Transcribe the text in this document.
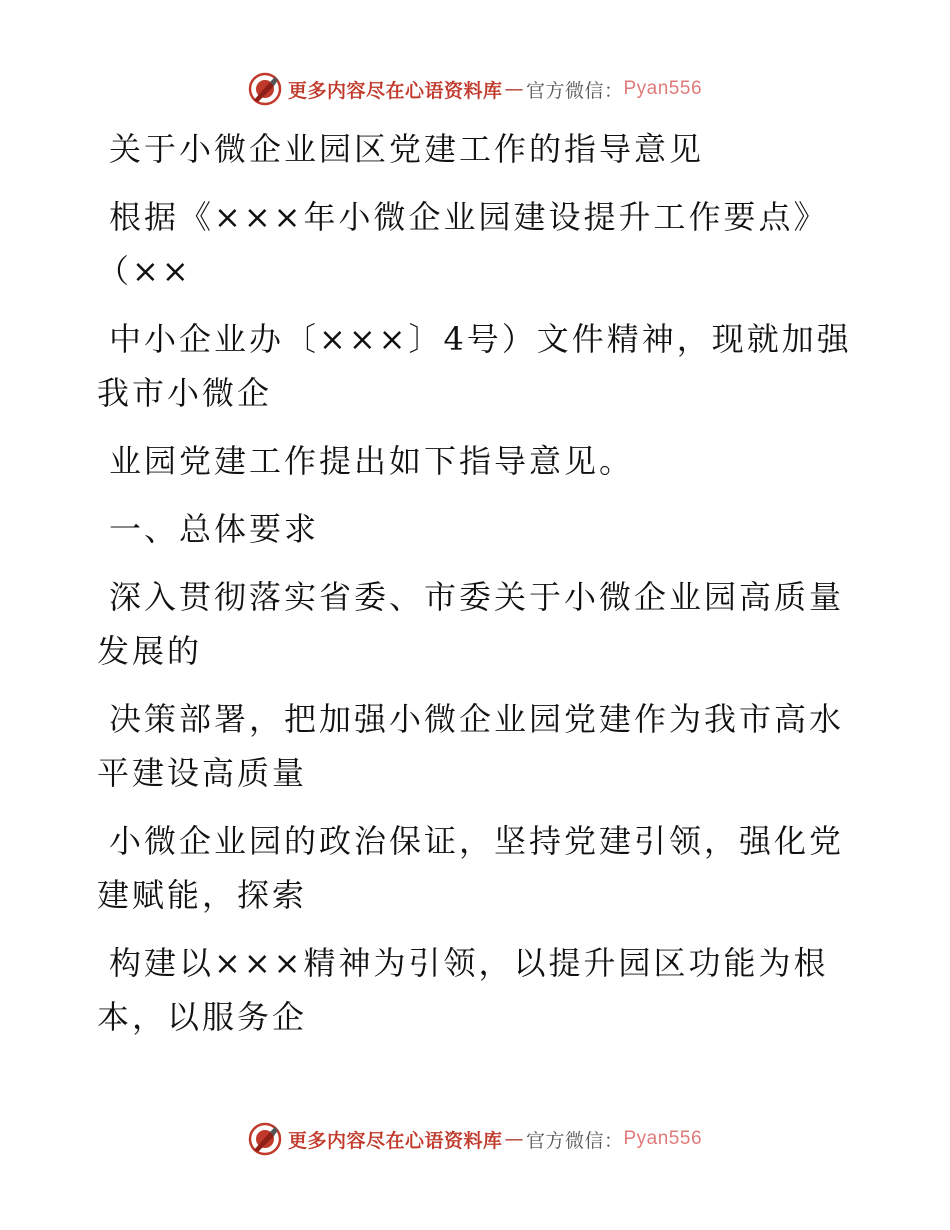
更多内容尽在心语资料库 — 官方微信： Pyan556
关于小微企业园区党建工作的指导意见
根据《×××年小微企业园建设提升工作要点》
（××
中小企业办〔×××〕4号）文件精神，现就加强
我市小微企
业园党建工作提出如下指导意见。
一、总体要求
深入贯彻落实省委、市委关于小微企业园高质量
发展的
决策部署，把加强小微企业园党建作为我市高水
平建设高质量
小微企业园的政治保证，坚持党建引领，强化党
建赋能，探索
构建以×××精神为引领，以提升园区功能为根
本，以服务企
更多内容尽在心语资料库 — 官方微信： Pyan556
